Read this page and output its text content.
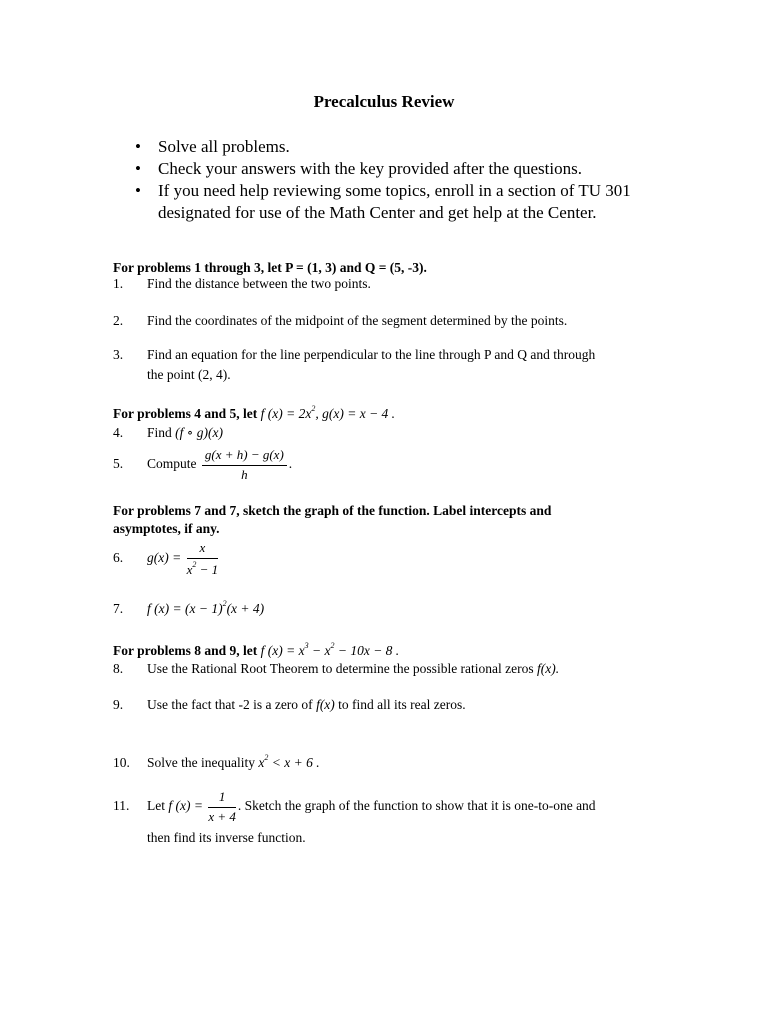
Precalculus Review
• Solve all problems.
• Check your answers with the key provided after the questions.
• If you need help reviewing some topics, enroll in a section of TU 301 designated for use of the Math Center and get help at the Center.
For problems 1 through 3, let P = (1, 3) and Q = (5, -3).
1. Find the distance between the two points.
2. Find the coordinates of the midpoint of the segment determined by the points.
3. Find an equation for the line perpendicular to the line through P and Q and through
the point (2, 4).
For problems 4 and 5, let f $(x) = 2x^2$, g(x) = x − 4 .
4. Find (f ∘ g)(x)
5. Compute $\frac{g(x + h) - g(x)}{h}$ .
For problems 7 and 7, sketch the graph of the function. Label intercepts and
asymptotes, if any.
6. $g(x) = \frac{x}{x^2 - 1}$
7. f $(x) = (x - 1)^2(x + 4)$
For problems 8 and 9, let f $(x) = x^3 - x^2 - 10x - 8$ .
8. Use the Rational Root Theorem to determine the possible rational zeros f(x).
9. Use the fact that -2 is a zero of f(x) to find all its real zeros.
10. Solve the inequality $x^2 < x + 6$ .
11. Let f $(x) = \frac{1}{x + 4}$ . Sketch the graph of the function to show that it is one-to-one and
then find its inverse function.
